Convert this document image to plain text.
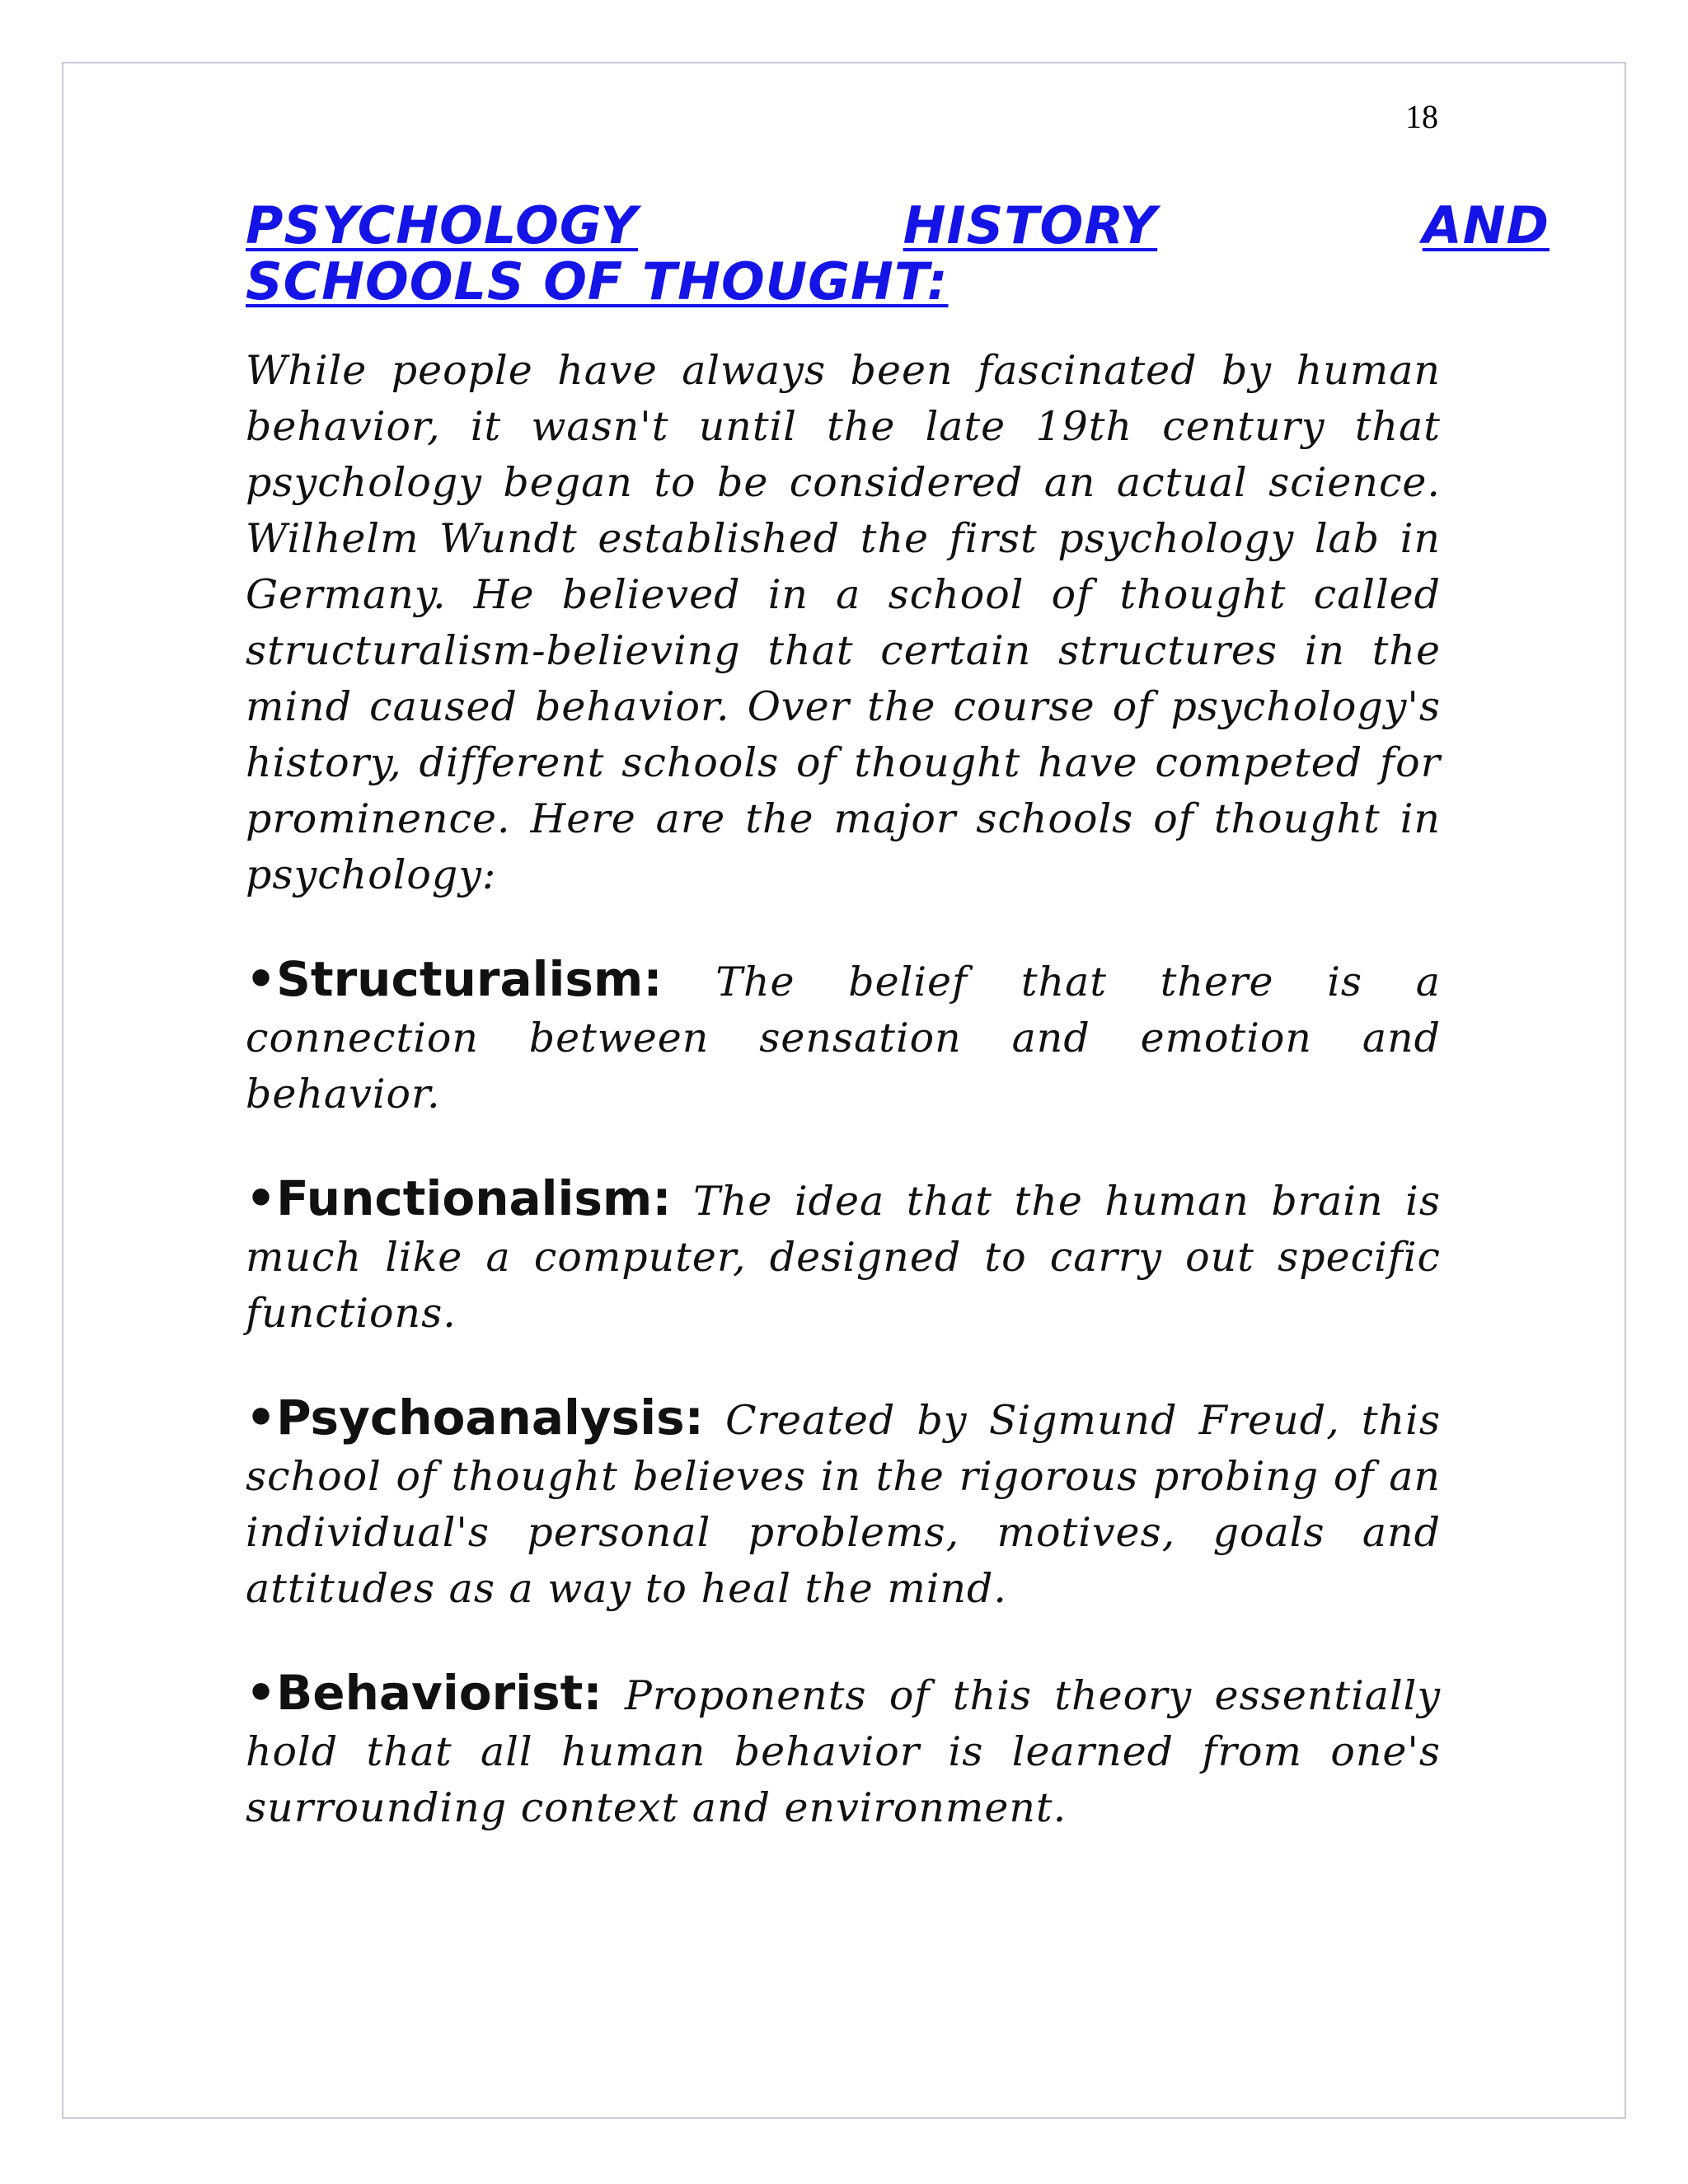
18
PSYCHOLOGY	HISTORY	AND
SCHOOLS OF THOUGHT:

While people have always been fascinated by human behavior, it wasn't until the late 19th century that psychology began to be considered an actual science. Wilhelm Wundt established the first psychology lab in Germany. He believed in a school of thought called structuralism-believing that certain structures in the mind caused behavior. Over the course of psychology's history, different schools of thought have competed for prominence. Here are the major schools of thought in psychology:

•Structuralism: The belief that there is a connection between sensation and emotion and behavior.

•Functionalism: The idea that the human brain is much like a computer, designed to carry out specific functions.

•Psychoanalysis: Created by Sigmund Freud, this school of thought believes in the rigorous probing of an individual's personal problems, motives, goals and attitudes as a way to heal the mind.

•Behaviorist: Proponents of this theory essentially hold that all human behavior is learned from one's surrounding context and environment.
